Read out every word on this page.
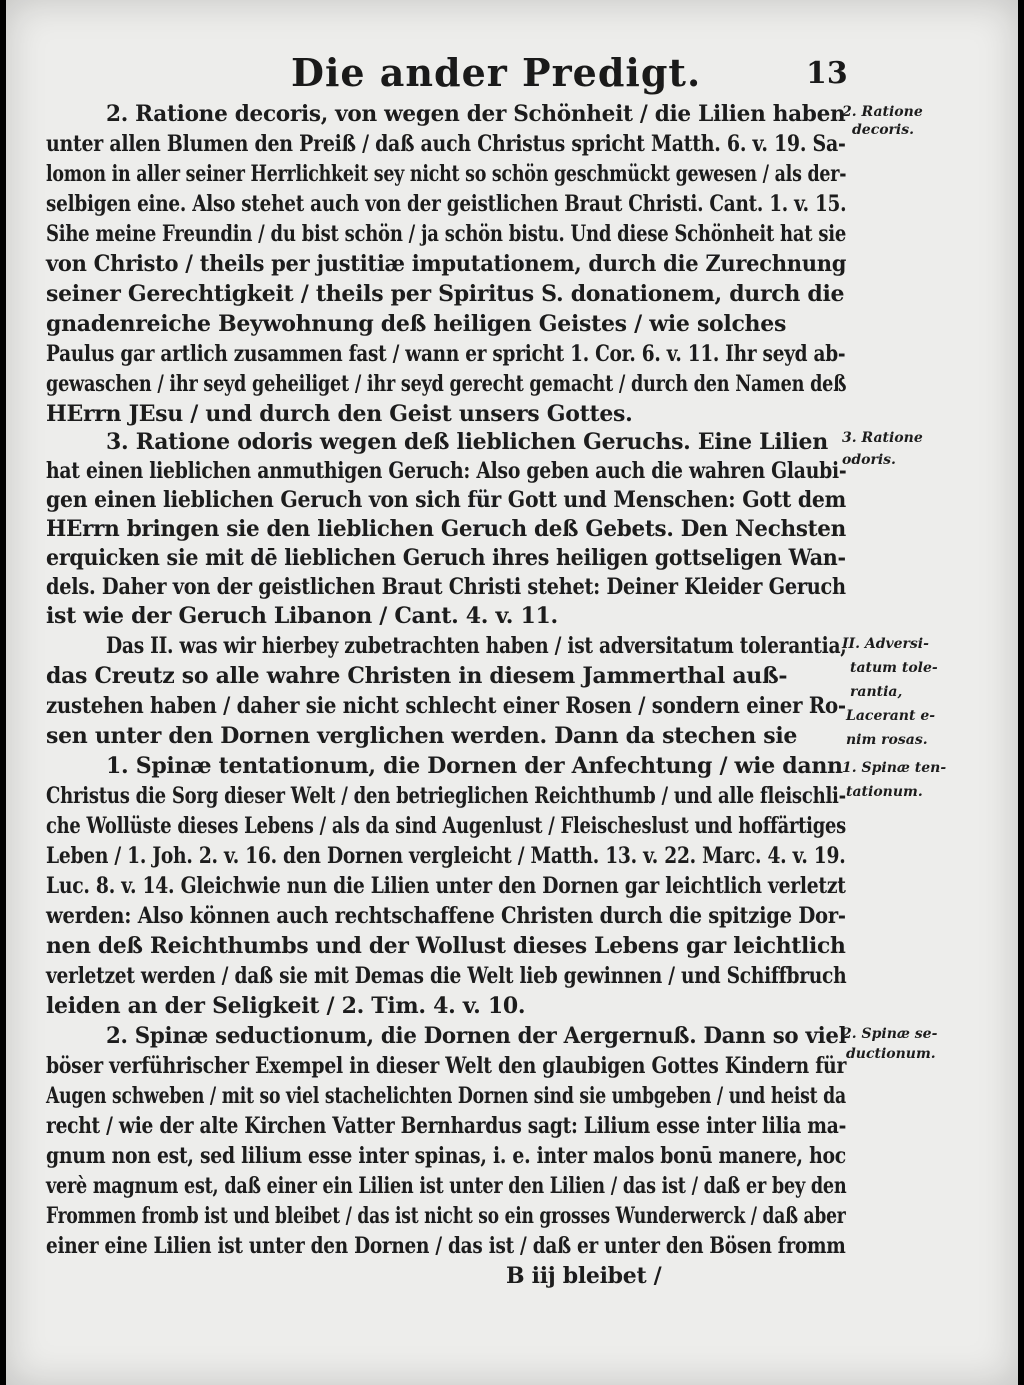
Die ander Predigt.	13
2. Ratione decoris, von wegen der Schönheit / die Lilien haben
unter allen Blumen den Preiß / daß auch Christus spricht Matth. 6. v. 19. Sa-
lomon in aller seiner Herrlichkeit sey nicht so schön geschmückt gewesen / als der-
selbigen eine. Also stehet auch von der geistlichen Braut Christi. Cant. 1. v. 15.
Sihe meine Freundin / du bist schön / ja schön bistu. Und diese Schönheit hat sie
von Christo / theils per justitiæ imputationem, durch die Zurechnung
seiner Gerechtigkeit / theils per Spiritus S. donationem, durch die
gnadenreiche Beywohnung deß heiligen Geistes / wie solches
Paulus gar artlich zusammen fast / wann er spricht 1. Cor. 6. v. 11. Ihr seyd ab-
gewaschen / ihr seyd geheiliget / ihr seyd gerecht gemacht / durch den Namen deß
HErrn JEsu / und durch den Geist unsers Gottes.
3. Ratione odoris wegen deß lieblichen Geruchs. Eine Lilien
hat einen lieblichen anmuthigen Geruch: Also geben auch die wahren Glaubi-
gen einen lieblichen Geruch von sich für Gott und Menschen: Gott dem
HErrn bringen sie den lieblichen Geruch deß Gebets. Den Nechsten
erquicken sie mit dē lieblichen Geruch ihres heiligen gottseligen Wan-
dels. Daher von der geistlichen Braut Christi stehet: Deiner Kleider Geruch
ist wie der Geruch Libanon / Cant. 4. v. 11.
Das II. was wir hierbey zubetrachten haben / ist adversitatum tolerantia,
das Creutz so alle wahre Christen in diesem Jammerthal auß-
zustehen haben / daher sie nicht schlecht einer Rosen / sondern einer Ro-
sen unter den Dornen verglichen werden. Dann da stechen sie
1. Spinæ tentationum, die Dornen der Anfechtung / wie dann
Christus die Sorg dieser Welt / den betrieglichen Reichthumb / und alle fleischli-
che Wollüste dieses Lebens / als da sind Augenlust / Fleischeslust und hoffärtiges
Leben / 1. Joh. 2. v. 16. den Dornen vergleicht / Matth. 13. v. 22. Marc. 4. v. 19.
Luc. 8. v. 14. Gleichwie nun die Lilien unter den Dornen gar leichtlich verletzt
werden: Also können auch rechtschaffene Christen durch die spitzige Dor-
nen deß Reichthumbs und der Wollust dieses Lebens gar leichtlich
verletzet werden / daß sie mit Demas die Welt lieb gewinnen / und Schiffbruch
leiden an der Seligkeit / 2. Tim. 4. v. 10.
2. Spinæ seductionum, die Dornen der Aergernuß. Dann so viel
böser verführischer Exempel in dieser Welt den glaubigen Gottes Kindern für
Augen schweben / mit so viel stachelichten Dornen sind sie umbgeben / und heist da
recht / wie der alte Kirchen Vatter Bernhardus sagt: Lilium esse inter lilia ma-
gnum non est, sed lilium esse inter spinas, i. e. inter malos bonū manere, hoc
verè magnum est, daß einer ein Lilien ist unter den Lilien / das ist / daß er bey den
Frommen fromb ist und bleibet / das ist nicht so ein grosses Wunderwerck / daß aber
einer eine Lilien ist unter den Dornen / das ist / daß er unter den Bösen fromm
B iij bleibet /
2. Ratione
decoris.
3. Ratione
odoris.
II. Adversi-
tatum tole-
rantia,
Lacerant e-
nim rosas.
1. Spinæ ten-
tationum.
2. Spinæ se-
ductionum.
